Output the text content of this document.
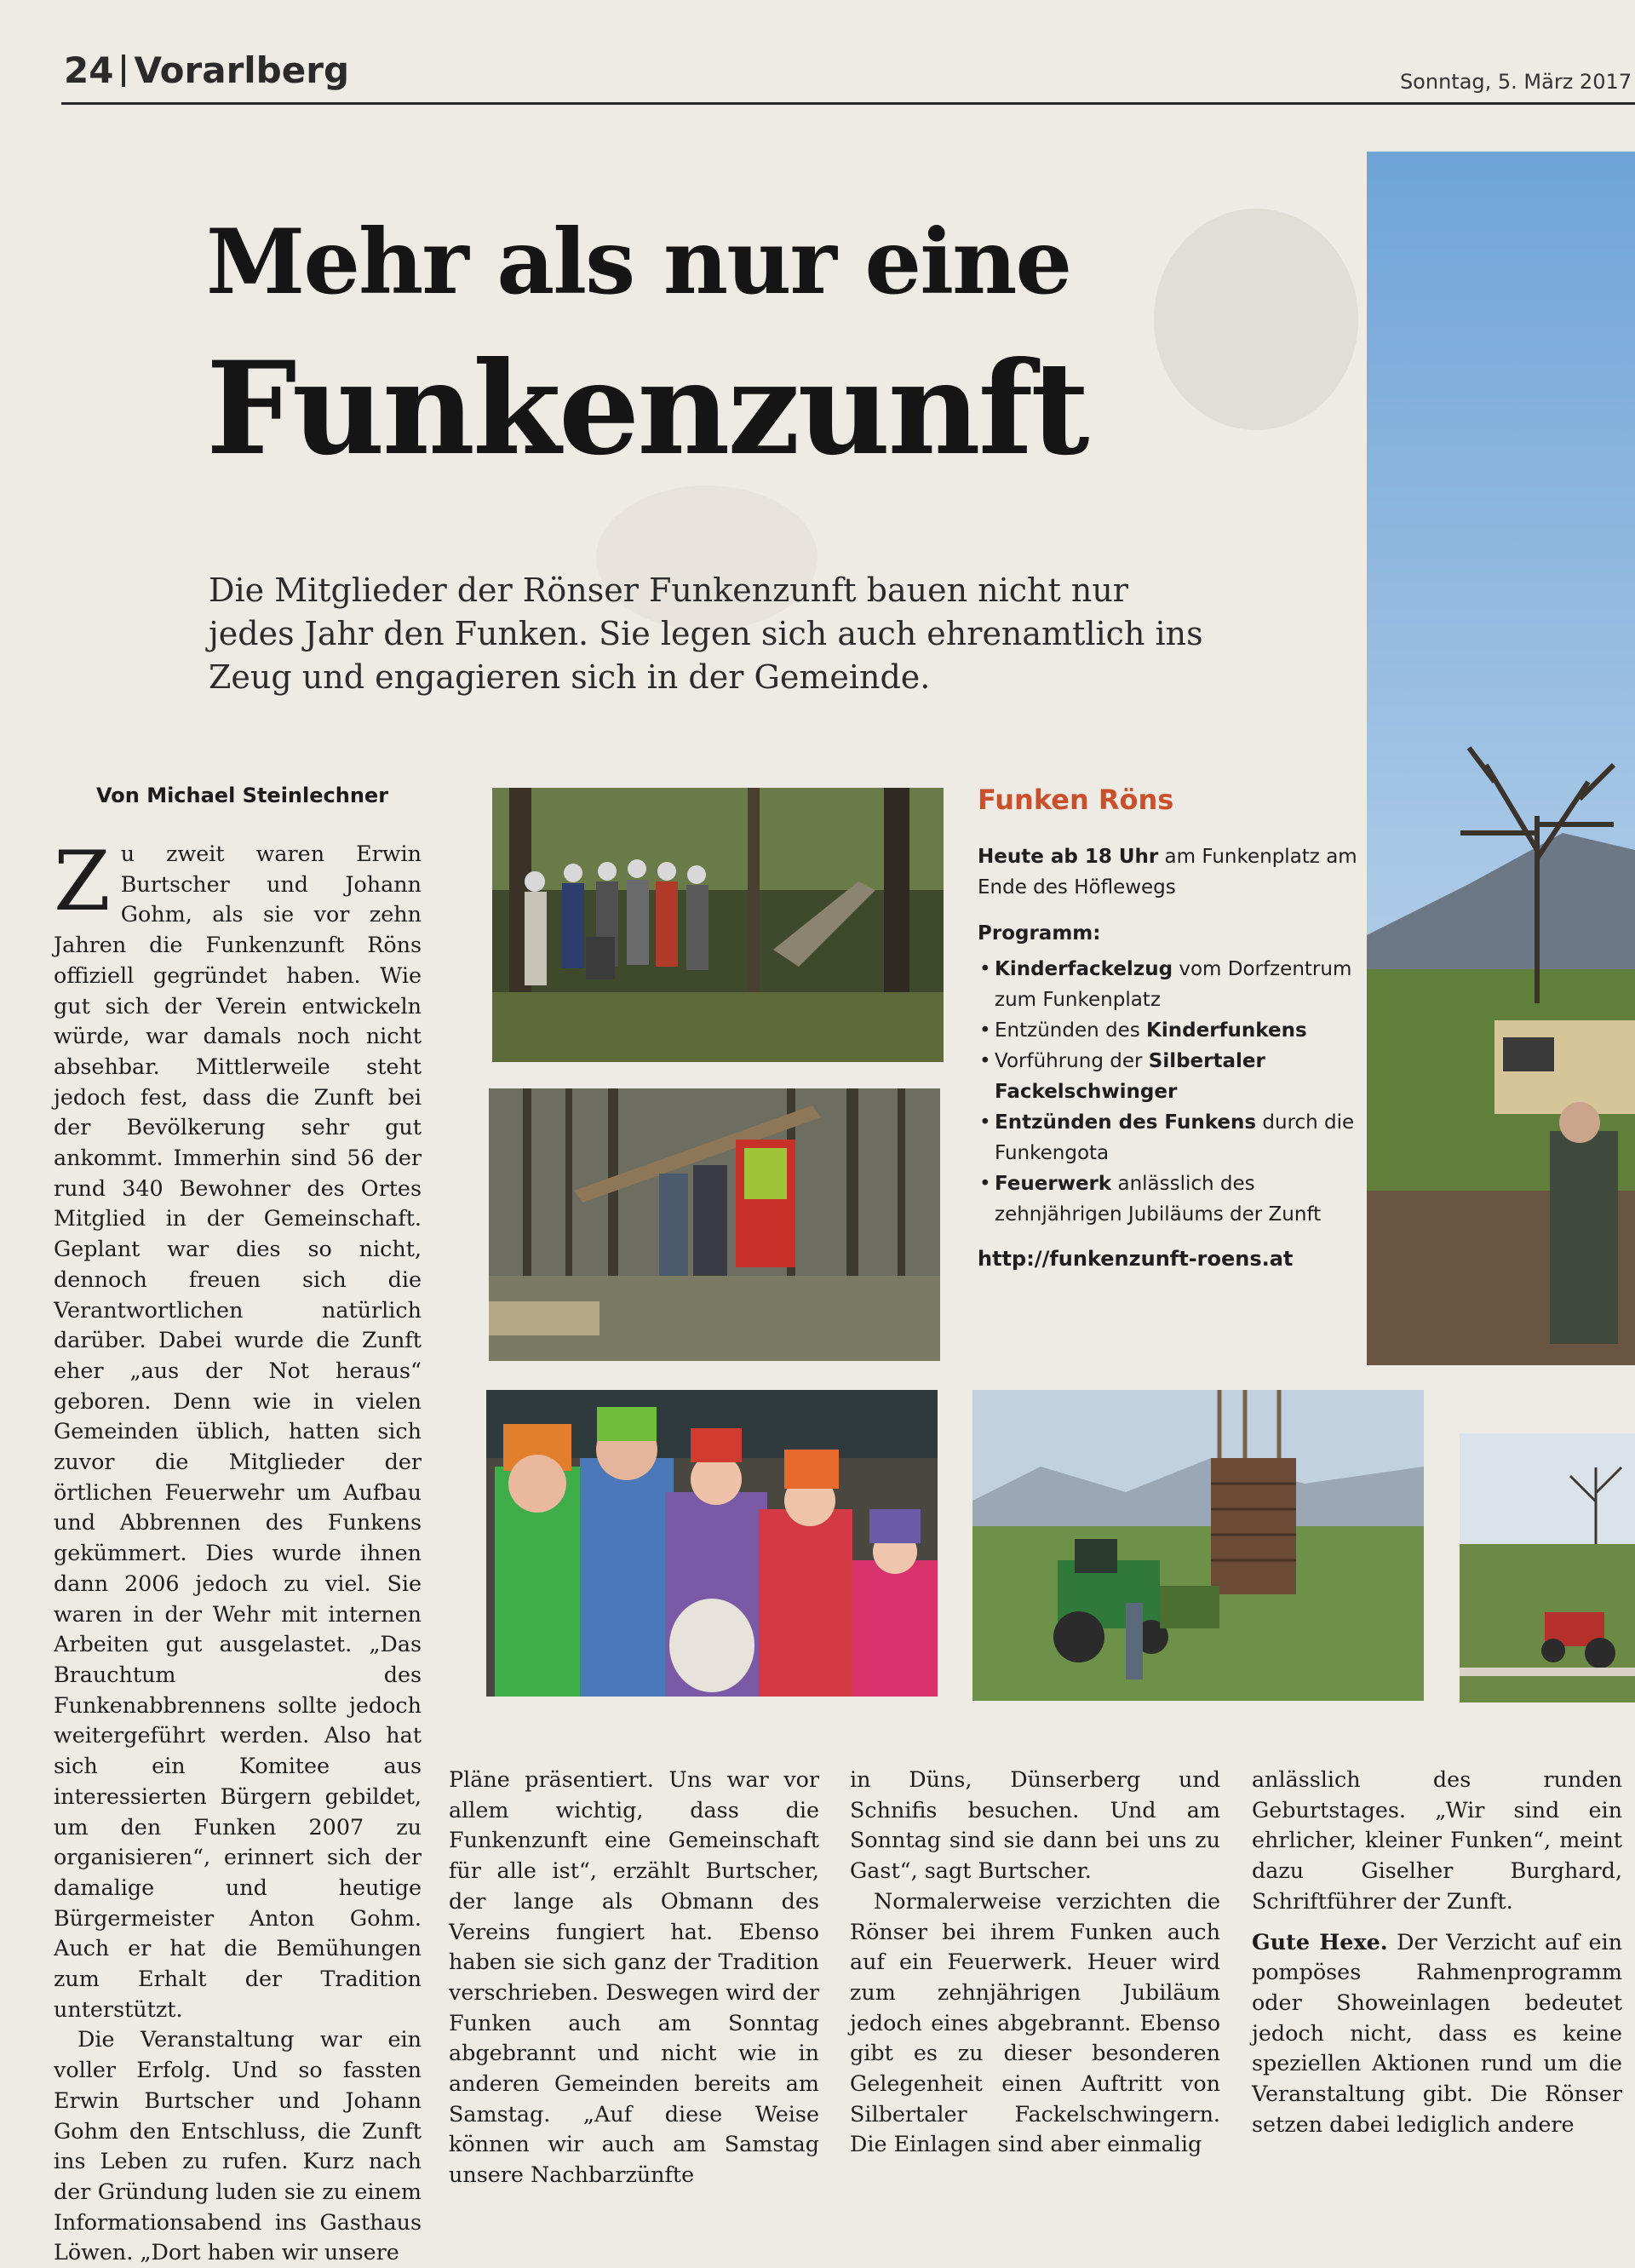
24 Vorarlberg	Sonntag, 5. März 2017
Mehr als nur eine
Funkenzunft
Die Mitglieder der Rönser Funkenzunft bauen nicht nur jedes Jahr den Funken. Sie legen sich auch ehrenamtlich ins Zeug und engagieren sich in der Gemeinde.
Von Michael Steinlechner

Zu zweit waren Erwin Burtscher und Johann Gohm, als sie vor zehn Jahren die Funkenzunft Röns offiziell gegründet haben. Wie gut sich der Verein entwickeln würde, war damals noch nicht absehbar. Mittlerweile steht jedoch fest, dass die Zunft bei der Bevölkerung sehr gut ankommt. Immerhin sind 56 der rund 340 Bewohner des Ortes Mitglied in der Gemeinschaft. Geplant war dies so nicht, dennoch freuen sich die Verantwortlichen natürlich darüber. Dabei wurde die Zunft eher „aus der Not heraus“ geboren. Denn wie in vielen Gemeinden üblich, hatten sich zuvor die Mitglieder der örtlichen Feuerwehr um Aufbau und Abbrennen des Funkens gekümmert. Dies wurde ihnen dann 2006 jedoch zu viel. Sie waren in der Wehr mit internen Arbeiten gut ausgelastet. „Das Brauchtum des Funkenabbrennens sollte jedoch weitergeführt werden. Also hat sich ein Komitee aus interessierten Bürgern gebildet, um den Funken 2007 zu organisieren“, erinnert sich der damalige und heutige Bürgermeister Anton Gohm. Auch er hat die Bemühungen zum Erhalt der Tradition unterstützt.

Die Veranstaltung war ein voller Erfolg. Und so fassten Erwin Burtscher und Johann Gohm den Entschluss, die Zunft ins Leben zu rufen. Kurz nach der Gründung luden sie zu einem Informationsabend ins Gasthaus Löwen. „Dort haben wir unsere

Funken Röns
Heute ab 18 Uhr am Funkenplatz am Ende des Höflewegs
Programm:
• Kinderfackelzug vom Dorfzentrum zum Funkenplatz
• Entzünden des Kinderfunkens
• Vorführung der Silbertaler Fackelschwinger
• Entzünden des Funkens durch die Funkengota
• Feuerwerk anlässlich des zehnjährigen Jubiläums der Zunft
http://funkenzunft-roens.at

Pläne präsentiert. Uns war vor allem wichtig, dass die Funkenzunft eine Gemeinschaft für alle ist“, erzählt Burtscher, der lange als Obmann des Vereins fungiert hat. Ebenso haben sie sich ganz der Tradition verschrieben. Deswegen wird der Funken auch am Sonntag abgebrannt und nicht wie in anderen Gemeinden bereits am Samstag. „Auf diese Weise können wir auch am Samstag unsere Nachbarzünfte

in Düns, Dünserberg und Schnifis besuchen. Und am Sonntag sind sie dann bei uns zu Gast“, sagt Burtscher.

Normalerweise verzichten die Rönser bei ihrem Funken auch auf ein Feuerwerk. Heuer wird zum zehnjährigen Jubiläum jedoch eines abgebrannt. Ebenso gibt es zu dieser besonderen Gelegenheit einen Auftritt von Silbertaler Fackelschwingern. Die Einlagen sind aber einmalig

anlässlich des runden Geburtstages. „Wir sind ein ehrlicher, kleiner Funken“, meint dazu Giselher Burghard, Schriftführer der Zunft.

Gute Hexe. Der Verzicht auf ein pompöses Rahmenprogramm oder Showeinlagen bedeutet jedoch nicht, dass es keine speziellen Aktionen rund um die Veranstaltung gibt. Die Rönser setzen dabei lediglich andere
